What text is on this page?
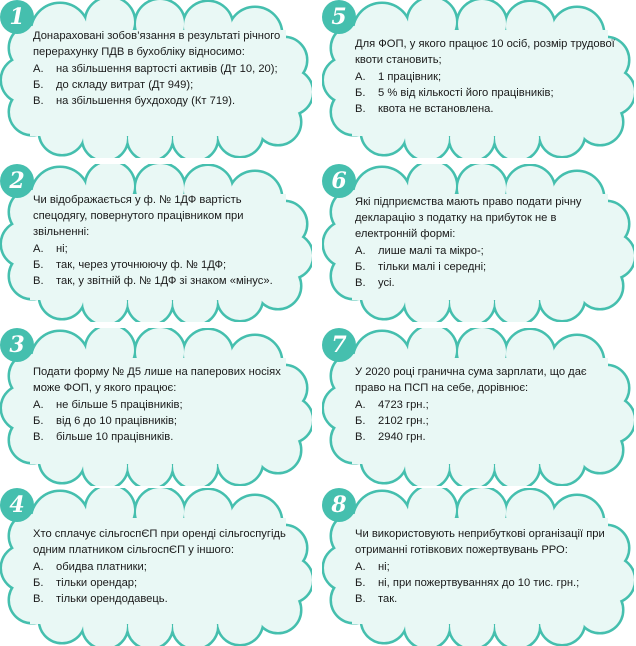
1
Донараховані зобов’язання в результаті річного перерахунку ПДВ в бухобліку відносимо:
А.	на збільшення вартості активів (Дт 10, 20);
Б.	до складу витрат (Дт 949);
В.	на збільшення бухдоходу (Кт 719).
5
Для ФОП, у якого працює 10 осіб, розмір трудової квоти становить;
А.	1 працівник;
Б.	5 % від кількості його працівників;
В.	квота не встановлена.
2
Чи відображається у ф. № 1ДФ вартість спецодягу, повернутого працівником при звільненні:
А.	ні;
Б.	так, через уточнюючу ф. № 1ДФ;
В.	так, у звітній ф. № 1ДФ зі знаком «мінус».
6
Які підприємства мають право подати річну декларацію з податку на прибуток не в електронній формі:
А.	лише малі та мікро-;
Б.	тільки малі і середні;
В.	усі.
3
Подати форму № Д5 лише на паперових носіях може ФОП, у якого працює:
А.	не більше 5 працівників;
Б.	від 6 до 10 працівників;
В.	більше 10 працівників.
7
У 2020 році гранична сума зарплати, що дає право на ПСП на себе, дорівнює:
А.	4723 грн.;
Б.	2102 грн.;
В.	2940 грн.
4
Хто сплачує сільгоспЄП при оренді сільгоспугідь одним платником сільгоспЄП у іншого:
А.	обидва платники;
Б.	тільки орендар;
В.	тільки орендодавець.
8
Чи використовують неприбуткові організації при отриманні готівкових пожертвувань РРО:
А.	ні;
Б.	ні, при пожертвуваннях до 10 тис. грн.;
В.	так.
